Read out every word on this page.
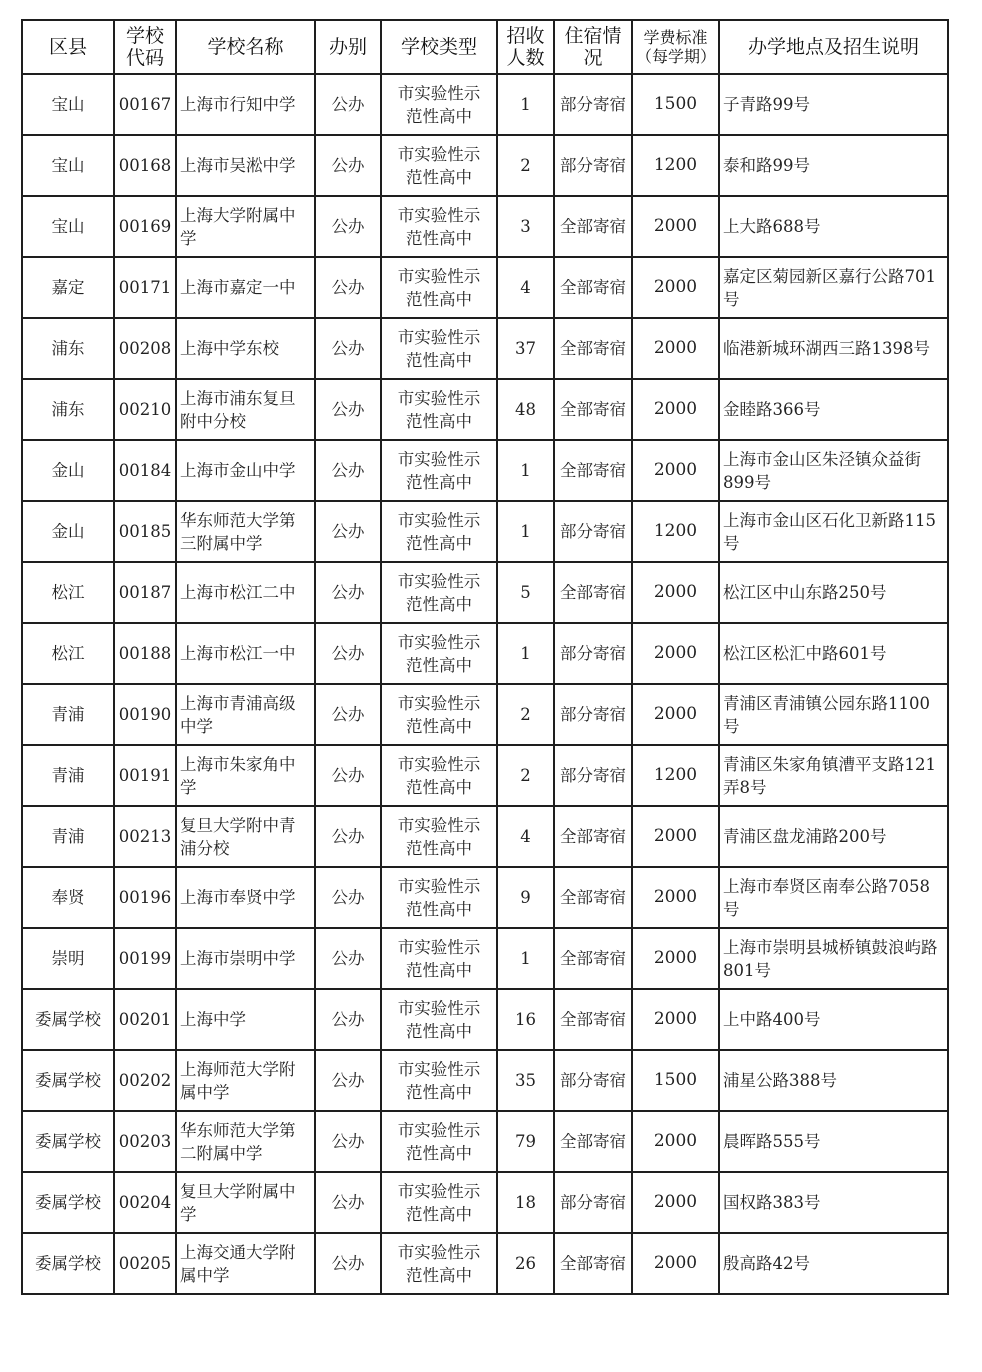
区县	学校代码	学校名称	办别	学校类型	招收人数	住宿情况	学费标准（每学期）	办学地点及招生说明
宝山	00167	上海市行知中学	公办	市实验性示范性高中	1	部分寄宿	1500	子青路99号
宝山	00168	上海市吴淞中学	公办	市实验性示范性高中	2	部分寄宿	1200	泰和路99号
宝山	00169	上海大学附属中学	公办	市实验性示范性高中	3	全部寄宿	2000	上大路688号
嘉定	00171	上海市嘉定一中	公办	市实验性示范性高中	4	全部寄宿	2000	嘉定区菊园新区嘉行公路701号
浦东	00208	上海中学东校	公办	市实验性示范性高中	37	全部寄宿	2000	临港新城环湖西三路1398号
浦东	00210	上海市浦东复旦附中分校	公办	市实验性示范性高中	48	全部寄宿	2000	金睦路366号
金山	00184	上海市金山中学	公办	市实验性示范性高中	1	全部寄宿	2000	上海市金山区朱泾镇众益街899号
金山	00185	华东师范大学第三附属中学	公办	市实验性示范性高中	1	部分寄宿	1200	上海市金山区石化卫新路115号
松江	00187	上海市松江二中	公办	市实验性示范性高中	5	全部寄宿	2000	松江区中山东路250号
松江	00188	上海市松江一中	公办	市实验性示范性高中	1	部分寄宿	2000	松江区松汇中路601号
青浦	00190	上海市青浦高级中学	公办	市实验性示范性高中	2	部分寄宿	2000	青浦区青浦镇公园东路1100号
青浦	00191	上海市朱家角中学	公办	市实验性示范性高中	2	部分寄宿	1200	青浦区朱家角镇漕平支路121弄8号
青浦	00213	复旦大学附中青浦分校	公办	市实验性示范性高中	4	全部寄宿	2000	青浦区盘龙浦路200号
奉贤	00196	上海市奉贤中学	公办	市实验性示范性高中	9	全部寄宿	2000	上海市奉贤区南奉公路7058号
崇明	00199	上海市崇明中学	公办	市实验性示范性高中	1	全部寄宿	2000	上海市崇明县城桥镇鼓浪屿路801号
委属学校	00201	上海中学	公办	市实验性示范性高中	16	全部寄宿	2000	上中路400号
委属学校	00202	上海师范大学附属中学	公办	市实验性示范性高中	35	部分寄宿	1500	浦星公路388号
委属学校	00203	华东师范大学第二附属中学	公办	市实验性示范性高中	79	全部寄宿	2000	晨晖路555号
委属学校	00204	复旦大学附属中学	公办	市实验性示范性高中	18	部分寄宿	2000	国权路383号
委属学校	00205	上海交通大学附属中学	公办	市实验性示范性高中	26	全部寄宿	2000	殷高路42号
